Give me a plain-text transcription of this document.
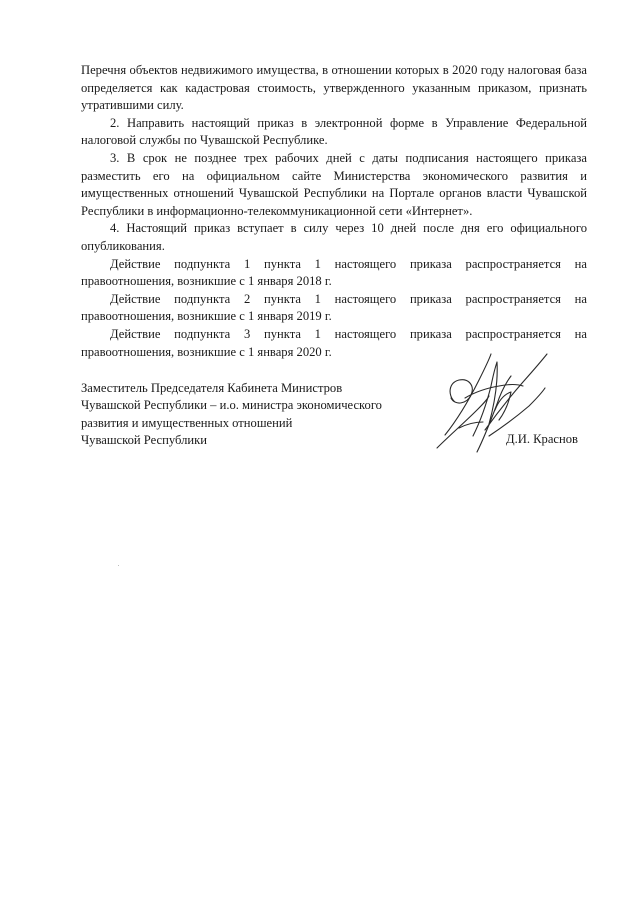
Перечня объектов недвижимого имущества, в отношении которых в 2020 году налоговая база определяется как кадастровая стоимость, утвержденного указанным приказом, признать утратившими силу.

2. Направить настоящий приказ в электронной форме в Управление Федеральной налоговой службы по Чувашской Республике.

3. В срок не позднее трех рабочих дней с даты подписания настоящего приказа разместить его на официальном сайте Министерства экономического развития и имущественных отношений Чувашской Республики на Портале органов власти Чувашской Республики в информационно-телекоммуникационной сети «Интернет».

4. Настоящий приказ вступает в силу через 10 дней после дня его официального опубликования.

Действие подпункта 1 пункта 1 настоящего приказа распространяется на правоотношения, возникшие с 1 января 2018 г.

Действие подпункта 2 пункта 1 настоящего приказа распространяется на правоотношения, возникшие с 1 января 2019 г.

Действие подпункта 3 пункта 1 настоящего приказа распространяется на правоотношения, возникшие с 1 января 2020 г.

Заместитель Председателя Кабинета Министров
Чувашской Республики – и.о. министра экономического
развития и имущественных отношений
Чувашской Республики	Д.И. Краснов
